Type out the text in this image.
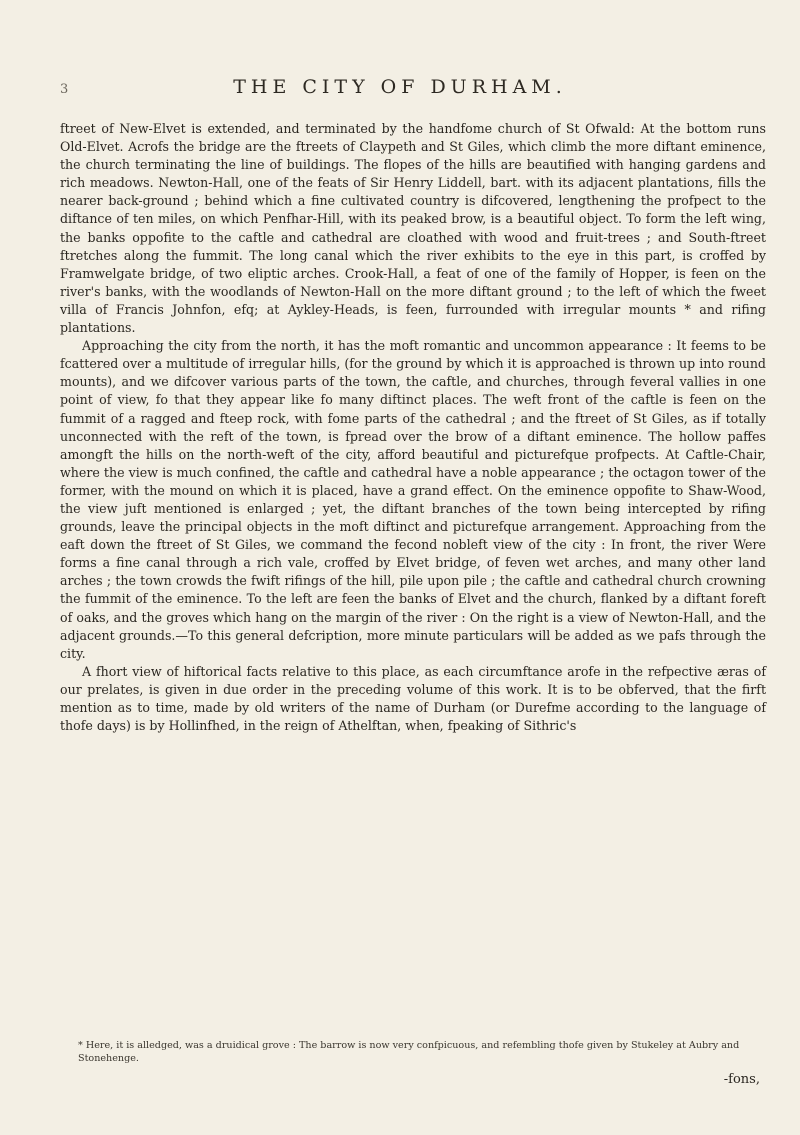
3	THE CITY OF DURHAM.

ftreet of New-Elvet is extended, and terminated by the handfome church of St Ofwald: At the bottom runs Old-Elvet. Acrofs the bridge are the ftreets of Claypeth and St Giles, which climb the more diftant eminence, the church terminating the line of buildings. The flopes of the hills are beautified with hanging gardens and rich meadows. Newton-Hall, one of the feats of Sir Henry Liddell, bart. with its adjacent plantations, fills the nearer back-ground ; behind which a fine cultivated country is difcovered, lengthening the profpect to the diftance of ten miles, on which Penfhar-Hill, with its peaked brow, is a beautiful object. To form the left wing, the banks oppofite to the caftle and cathedral are cloathed with wood and fruit-trees ; and South-ftreet ftretches along the fummit. The long canal which the river exhibits to the eye in this part, is croffed by Framwelgate bridge, of two eliptic arches. Crook-Hall, a feat of one of the family of Hopper, is feen on the river's banks, with the woodlands of Newton-Hall on the more diftant ground ; to the left of which the fweet villa of Francis Johnfon, efq; at Aykley-Heads, is feen, furrounded with irregular mounts * and rifing plantations.

Approaching the city from the north, it has the moft romantic and uncommon appearance : It feems to be fcattered over a multitude of irregular hills, (for the ground by which it is approached is thrown up into round mounts), and we difcover various parts of the town, the caftle, and churches, through feveral vallies in one point of view, fo that they appear like fo many diftinct places. The weft front of the caftle is feen on the fummit of a ragged and fteep rock, with fome parts of the cathedral ; and the ftreet of St Giles, as if totally unconnected with the reft of the town, is fpread over the brow of a diftant eminence. The hollow paffes amongft the hills on the north-weft of the city, afford beautiful and picturefque profpects. At Caftle-Chair, where the view is much confined, the caftle and cathedral have a noble appearance ; the octagon tower of the former, with the mound on which it is placed, have a grand effect. On the eminence oppofite to Shaw-Wood, the view juft mentioned is enlarged ; yet, the diftant branches of the town being intercepted by rifing grounds, leave the principal objects in the moft diftinct and picturefque arrangement. Approaching from the eaft down the ftreet of St Giles, we command the fecond nobleft view of the city : In front, the river Were forms a fine canal through a rich vale, croffed by Elvet bridge, of feven wet arches, and many other land arches ; the town crowds the fwift rifings of the hill, pile upon pile ; the caftle and cathedral church crowning the fummit of the eminence. To the left are feen the banks of Elvet and the church, flanked by a diftant foreft of oaks, and the groves which hang on the margin of the river : On the right is a view of Newton-Hall, and the adjacent grounds.—To this general defcription, more minute particulars will be added as we pafs through the city.

A fhort view of hiftorical facts relative to this place, as each circumftance arofe in the refpective æras of our prelates, is given in due order in the preceding volume of this work. It is to be obferved, that the firft mention as to time, made by old writers of the name of Durham (or Durefme according to the language of thofe days) is by Hollinfhed, in the reign of Athelftan, when, fpeaking of Sithric's

* Here, it is alledged, was a druidical grove : The barrow is now very confpicuous, and refembling thofe given by Stukeley at Aubry and Stonehenge.
-fons,
